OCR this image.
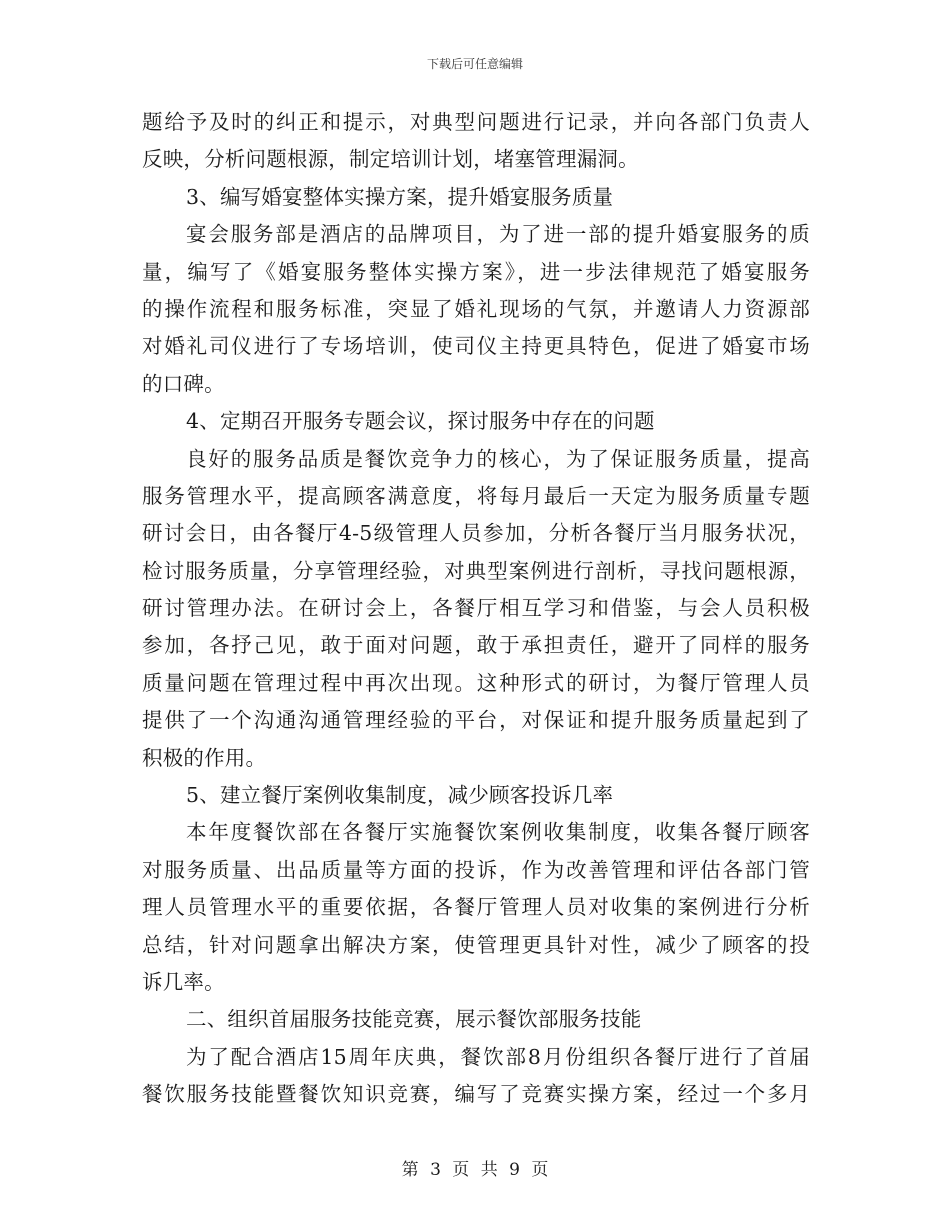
下载后可任意编辑
题给予及时的纠正和提示，对典型问题进行记录，并向各部门负责人
反映，分析问题根源，制定培训计划，堵塞管理漏洞。
3、编写婚宴整体实操方案，提升婚宴服务质量
宴会服务部是酒店的品牌项目，为了进一部的提升婚宴服务的质
量，编写了《婚宴服务整体实操方案》，进一步法律规范了婚宴服务
的操作流程和服务标准，突显了婚礼现场的气氛，并邀请人力资源部
对婚礼司仪进行了专场培训，使司仪主持更具特色，促进了婚宴市场
的口碑。
4、定期召开服务专题会议，探讨服务中存在的问题
良好的服务品质是餐饮竞争力的核心，为了保证服务质量，提高
服务管理水平，提高顾客满意度，将每月最后一天定为服务质量专题
研讨会日，由各餐厅4-5级管理人员参加，分析各餐厅当月服务状况，
检讨服务质量，分享管理经验，对典型案例进行剖析，寻找问题根源，
研讨管理办法。在研讨会上，各餐厅相互学习和借鉴，与会人员积极
参加，各抒己见，敢于面对问题，敢于承担责任，避开了同样的服务
质量问题在管理过程中再次出现。这种形式的研讨，为餐厅管理人员
提供了一个沟通沟通管理经验的平台，对保证和提升服务质量起到了
积极的作用。
5、建立餐厅案例收集制度，减少顾客投诉几率
本年度餐饮部在各餐厅实施餐饮案例收集制度，收集各餐厅顾客
对服务质量、出品质量等方面的投诉，作为改善管理和评估各部门管
理人员管理水平的重要依据，各餐厅管理人员对收集的案例进行分析
总结，针对问题拿出解决方案，使管理更具针对性，减少了顾客的投
诉几率。
二、组织首届服务技能竞赛，展示餐饮部服务技能
为了配合酒店15周年庆典，餐饮部8月份组织各餐厅进行了首届
餐饮服务技能暨餐饮知识竞赛，编写了竞赛实操方案，经过一个多月
第 3 页 共 9 页
